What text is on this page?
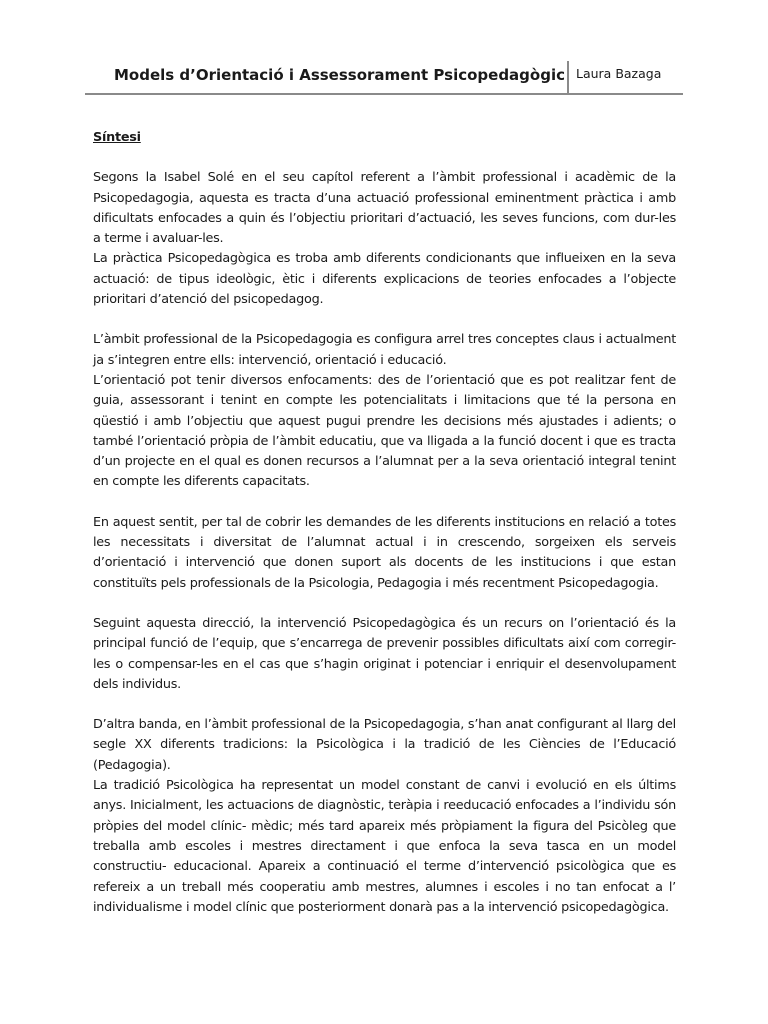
Models d’Orientació i Assessorament Psicopedagògic Laura Bazaga

Síntesi

Segons la Isabel Solé en el seu capítol referent a l’àmbit professional i acadèmic de la Psicopedagogia, aquesta es tracta d’una actuació professional eminentment pràctica i amb dificultats enfocades a quin és l’objectiu prioritari d’actuació, les seves funcions, com dur-les a terme i avaluar-les.

La pràctica Psicopedagògica es troba amb diferents condicionants que influeixen en la seva actuació: de tipus ideològic, ètic i diferents explicacions de teories enfocades a l’objecte prioritari d’atenció del psicopedagog.

L’àmbit professional de la Psicopedagogia es configura arrel tres conceptes claus i actualment ja s’integren entre ells: intervenció, orientació i educació.

L’orientació pot tenir diversos enfocaments: des de l’orientació que es pot realitzar fent de guia, assessorant i tenint en compte les potencialitats i limitacions que té la persona en qüestió i amb l’objectiu que aquest pugui prendre les decisions més ajustades i adients; o també l’orientació pròpia de l’àmbit educatiu, que va lligada a la funció docent i que es tracta d’un projecte en el qual es donen recursos a l’alumnat per a la seva orientació integral tenint en compte les diferents capacitats.

En aquest sentit, per tal de cobrir les demandes de les diferents institucions en relació a totes les necessitats i diversitat de l’alumnat actual i in crescendo, sorgeixen els serveis d’orientació i intervenció que donen suport als docents de les institucions i que estan constituïts pels professionals de la Psicologia, Pedagogia i més recentment Psicopedagogia.

Seguint aquesta direcció, la intervenció Psicopedagògica és un recurs on l’orientació és la principal funció de l’equip, que s’encarrega de prevenir possibles dificultats així com corregir-les o compensar-les en el cas que s’hagin originat i potenciar i enriquir el desenvolupament dels individus.

D’altra banda, en l’àmbit professional de la Psicopedagogia, s’han anat configurant al llarg del segle XX diferents tradicions: la Psicològica i la tradició de les Ciències de l’Educació (Pedagogia).

La tradició Psicològica ha representat un model constant de canvi i evolució en els últims anys. Inicialment, les actuacions de diagnòstic, teràpia i reeducació enfocades a l’individu són pròpies del model clínic- mèdic; més tard apareix més pròpiament la figura del Psicòleg que treballa amb escoles i mestres directament i que enfoca la seva tasca en un model constructiu- educacional. Apareix a continuació el terme d’intervenció psicològica que es refereix a un treball més cooperatiu amb mestres, alumnes i escoles i no tan enfocat a l’ individualisme i model clínic que posteriorment donarà pas a la intervenció psicopedagògica.
